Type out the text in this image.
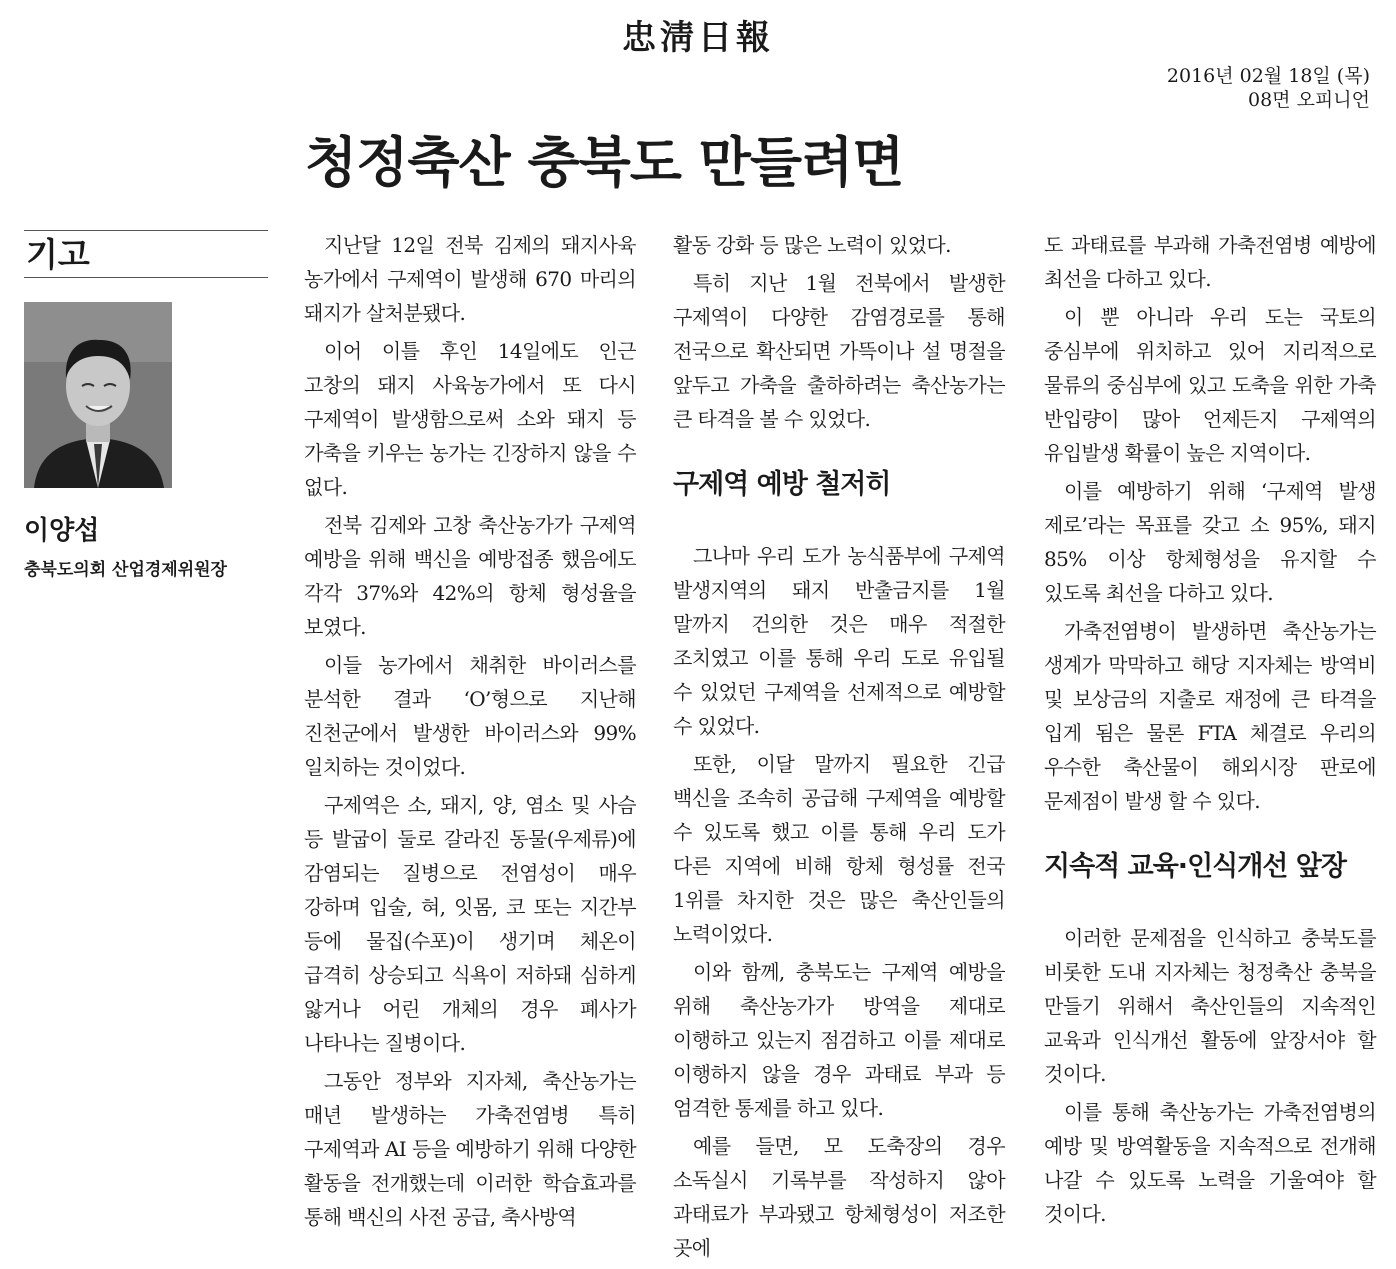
忠淸日報
2016년 02월 18일 (목)
08면 오피니언
청정축산 충북도 만들려면
기고
이양섭
충북도의회 산업경제위원장

지난달 12일 전북 김제의 돼지사육 농가에서 구제역이 발생해 670 마리의 돼지가 살처분됐다.

이어 이틀 후인 14일에도 인근 고창의 돼지 사육농가에서 또 다시 구제역이 발생함으로써 소와 돼지 등 가축을 키우는 농가는 긴장하지 않을 수 없다.

전북 김제와 고창 축산농가가 구제역 예방을 위해 백신을 예방접종 했음에도 각각 37%와 42%의 항체 형성율을 보였다.

이들 농가에서 채취한 바이러스를 분석한 결과 ‘O’형으로 지난해 진천군에서 발생한 바이러스와 99% 일치하는 것이었다.

구제역은 소, 돼지, 양, 염소 및 사슴 등 발굽이 둘로 갈라진 동물(우제류)에 감염되는 질병으로 전염성이 매우 강하며 입술, 혀, 잇몸, 코 또는 지간부 등에 물집(수포)이 생기며 체온이 급격히 상승되고 식욕이 저하돼 심하게 앓거나 어린 개체의 경우 폐사가 나타나는 질병이다.

그동안 정부와 지자체, 축산농가는 매년 발생하는 가축전염병 특히 구제역과 AI 등을 예방하기 위해 다양한 활동을 전개했는데 이러한 학습효과를 통해 백신의 사전 공급, 축사방역

활동 강화 등 많은 노력이 있었다.

특히 지난 1월 전북에서 발생한 구제역이 다양한 감염경로를 통해 전국으로 확산되면 가뜩이나 설 명절을 앞두고 가축을 출하하려는 축산농가는 큰 타격을 볼 수 있었다.

구제역 예방 철저히

그나마 우리 도가 농식품부에 구제역 발생지역의 돼지 반출금지를 1월 말까지 건의한 것은 매우 적절한 조치였고 이를 통해 우리 도로 유입될 수 있었던 구제역을 선제적으로 예방할 수 있었다.

또한, 이달 말까지 필요한 긴급 백신을 조속히 공급해 구제역을 예방할 수 있도록 했고 이를 통해 우리 도가 다른 지역에 비해 항체 형성률 전국 1위를 차지한 것은 많은 축산인들의 노력이었다.

이와 함께, 충북도는 구제역 예방을 위해 축산농가가 방역을 제대로 이행하고 있는지 점검하고 이를 제대로 이행하지 않을 경우 과태료 부과 등 엄격한 통제를 하고 있다.

예를 들면, 모 도축장의 경우 소독실시 기록부를 작성하지 않아 과태료가 부과됐고 항체형성이 저조한 곳에

도 과태료를 부과해 가축전염병 예방에 최선을 다하고 있다.

이 뿐 아니라 우리 도는 국토의 중심부에 위치하고 있어 지리적으로 물류의 중심부에 있고 도축을 위한 가축 반입량이 많아 언제든지 구제역의 유입발생 확률이 높은 지역이다.

이를 예방하기 위해 ‘구제역 발생 제로’라는 목표를 갖고 소 95%, 돼지 85% 이상 항체형성을 유지할 수 있도록 최선을 다하고 있다.

가축전염병이 발생하면 축산농가는 생계가 막막하고 해당 지자체는 방역비 및 보상금의 지출로 재정에 큰 타격을 입게 됨은 물론 FTA 체결로 우리의 우수한 축산물이 해외시장 판로에 문제점이 발생 할 수 있다.

지속적 교육·인식개선 앞장

이러한 문제점을 인식하고 충북도를 비롯한 도내 지자체는 청정축산 충북을 만들기 위해서 축산인들의 지속적인 교육과 인식개선 활동에 앞장서야 할 것이다.

이를 통해 축산농가는 가축전염병의 예방 및 방역활동을 지속적으로 전개해 나갈 수 있도록 노력을 기울여야 할 것이다.
